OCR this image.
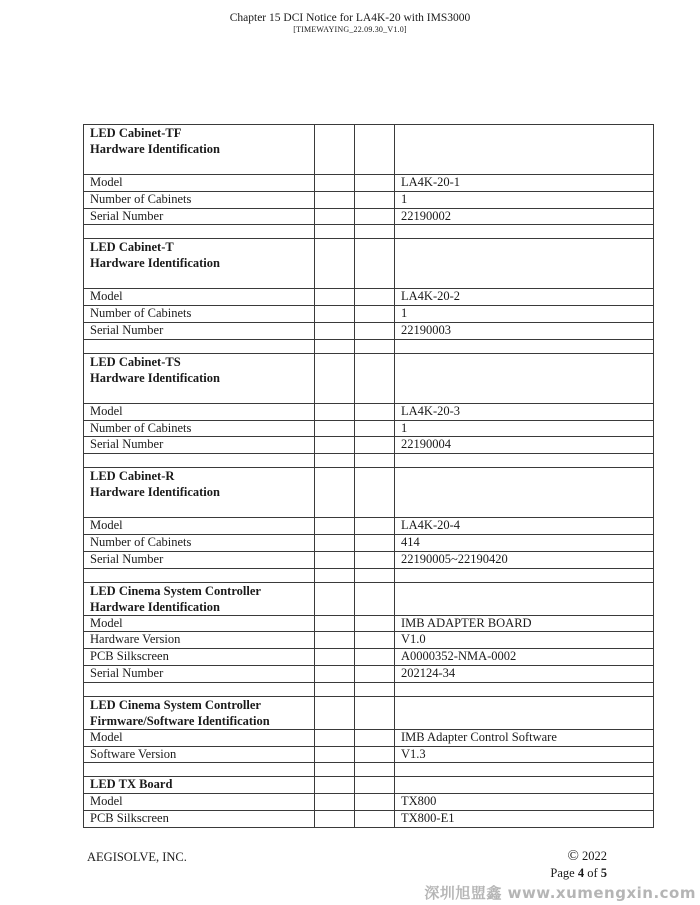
Chapter 15 DCI Notice for LA4K-20 with IMS3000
[TIMEWAYING_22.09.30_V1.0]
LED Cabinet-TF
Hardware Identification			

Model			LA4K-20-1
Number of Cabinets			1
Serial Number			22190002

LED Cabinet-T
Hardware Identification			

Model			LA4K-20-2
Number of Cabinets			1
Serial Number			22190003

LED Cabinet-TS
Hardware Identification			

Model			LA4K-20-3
Number of Cabinets			1
Serial Number			22190004

LED Cabinet-R
Hardware Identification			

Model			LA4K-20-4
Number of Cabinets			414
Serial Number			22190005~22190420

LED Cinema System Controller
Hardware Identification			

Model			IMB ADAPTER BOARD
Hardware Version			V1.0
PCB Silkscreen			A0000352-NMA-0002
Serial Number			202124-34

LED Cinema System Controller
Firmware/Software Identification			

Model			IMB Adapter Control Software
Software Version			V1.3

LED TX Board			

Model			TX800
PCB Silkscreen			TX800-E1
AEGISOLVE, INC.	© 2022
Page 4 of 5
深圳旭盟鑫 www.xumengxin.com
